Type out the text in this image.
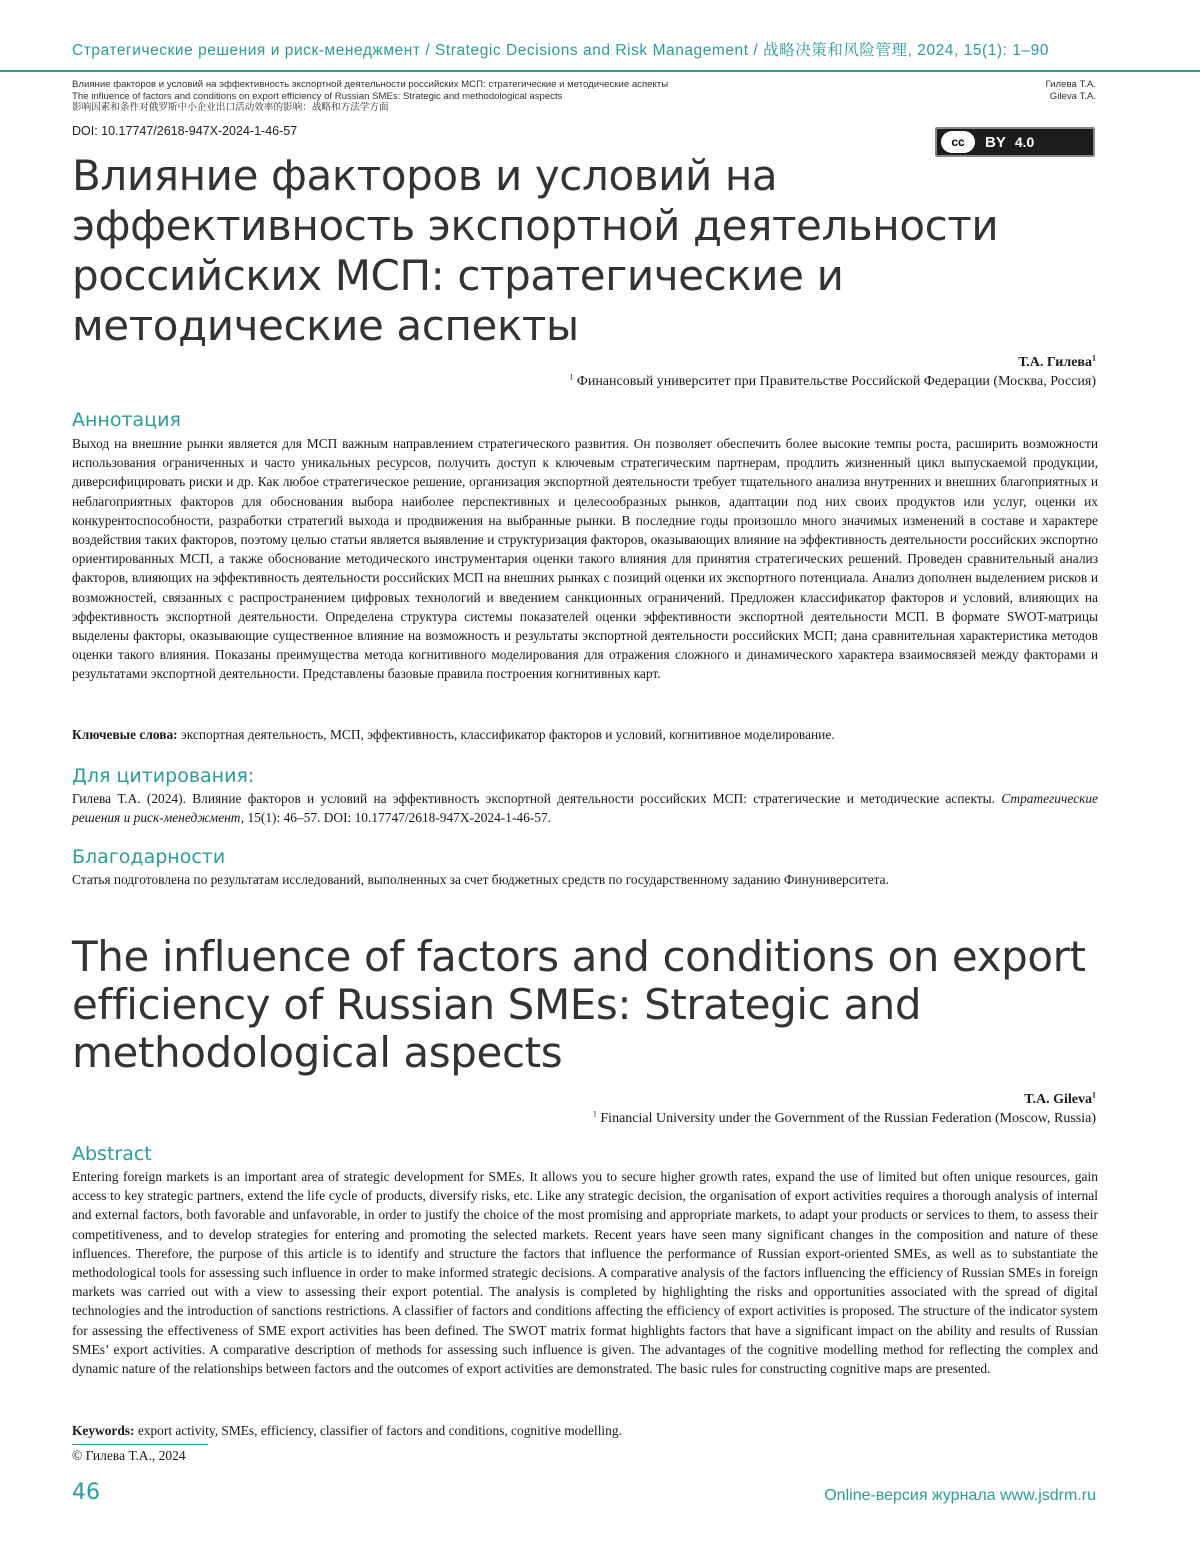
Стратегические решения и риск-менеджмент / Strategic Decisions and Risk Management / 战略决策和风险管理, 2024, 15(1): 1–90
Влияние факторов и условий на эффективность экспортной деятельности российских МСП: стратегические и методические аспекты
The influence of factors and conditions on export efficiency of Russian SMEs: Strategic and methodological aspects
影响因素和条件对俄罗斯中小企业出口活动效率的影响：战略和方法学方面
Гилева Т.А.
Gileva T.A.
DOI: 10.17747/2618-947X-2024-1-46-57
cc	BY 4.0
Влияние факторов и условий на эффективность экспортной деятельности российских МСП: стратегические и методические аспекты
Т.А. Гилева$^1$
$^1$ Финансовый университет при Правительстве Российской Федерации (Москва, Россия)
Аннотация

Выход на внешние рынки является для МСП важным направлением стратегического развития. Он позволяет обеспечить более высокие темпы роста, расширить возможности использования ограниченных и часто уникальных ресурсов, получить доступ к ключевым стратегическим партнерам, продлить жизненный цикл выпускаемой продукции, диверсифицировать риски и др. Как любое стратегическое решение, организация экспортной деятельности требует тщательного анализа внутренних и внешних благоприятных и неблагоприятных факторов для обоснования выбора наиболее перспективных и целесообразных рынков, адаптации под них своих продуктов или услуг, оценки их конкурентоспособности, разработки стратегий выхода и продвижения на выбранные рынки. В последние годы произошло много значимых изменений в составе и характере воздействия таких факторов, поэтому целью статьи является выявление и структуризация факторов, оказывающих влияние на эффективность деятельности российских экспортно ориентированных МСП, а также обоснование методического инструментария оценки такого влияния для принятия стратегических решений. Проведен сравнительный анализ факторов, влияющих на эффективность деятельности российских МСП на внешних рынках с позиций оценки их экспортного потенциала. Анализ дополнен выделением рисков и возможностей, связанных с распространением цифровых технологий и введением санкционных ограничений. Предложен классификатор факторов и условий, влияющих на эффективность экспортной деятельности. Определена структура системы показателей оценки эффективности экспортной деятельности МСП. В формате SWOT-матрицы выделены факторы, оказывающие существенное влияние на возможность и результаты экспортной деятельности российских МСП; дана сравнительная характеристика методов оценки такого влияния. Показаны преимущества метода когнитивного моделирования для отражения сложного и динамического характера взаимосвязей между факторами и результатами экспортной деятельности. Представлены базовые правила построения когнитивных карт.

Ключевые слова: экспортная деятельность, МСП, эффективность, классификатор факторов и условий, когнитивное моделирование.

Для цитирования:

Гилева Т.А. (2024). Влияние факторов и условий на эффективность экспортной деятельности российских МСП: стратегические и методические аспекты. Стратегические решения и риск-менеджмент, 15(1): 46–57. DOI: 10.17747/2618-947X-2024-1-46-57.

Благодарности

Статья подготовлена по результатам исследований, выполненных за счет бюджетных средств по государственному заданию Финуниверситета.

The influence of factors and conditions on export efficiency of Russian SMEs: Strategic and methodological aspects
T.A. Gileva$^1$
$^1$ Financial University under the Government of the Russian Federation (Moscow, Russia)
Abstract

Entering foreign markets is an important area of strategic development for SMEs. It allows you to secure higher growth rates, expand the use of limited but often unique resources, gain access to key strategic partners, extend the life cycle of products, diversify risks, etc. Like any strategic decision, the organisation of export activities requires a thorough analysis of internal and external factors, both favorable and unfavorable, in order to justify the choice of the most promising and appropriate markets, to adapt your products or services to them, to assess their competitiveness, and to develop strategies for entering and promoting the selected markets. Recent years have seen many significant changes in the composition and nature of these influences. Therefore, the purpose of this article is to identify and structure the factors that influence the performance of Russian export-oriented SMEs, as well as to substantiate the methodological tools for assessing such influence in order to make informed strategic decisions. A comparative analysis of the factors influencing the efficiency of Russian SMEs in foreign markets was carried out with a view to assessing their export potential. The analysis is completed by highlighting the risks and opportunities associated with the spread of digital technologies and the introduction of sanctions restrictions. A classifier of factors and conditions affecting the efficiency of export activities is proposed. The structure of the indicator system for assessing the effectiveness of SME export activities has been defined. The SWOT matrix format highlights factors that have a significant impact on the ability and results of Russian SMEs’ export activities. A comparative description of methods for assessing such influence is given. The advantages of the cognitive modelling method for reflecting the complex and dynamic nature of the relationships between factors and the outcomes of export activities are demonstrated. The basic rules for constructing cognitive maps are presented.

Keywords: export activity, SMEs, efficiency, classifier of factors and conditions, cognitive modelling.

© Гилева Т.А., 2024
46	Online-версия журнала www.jsdrm.ru
